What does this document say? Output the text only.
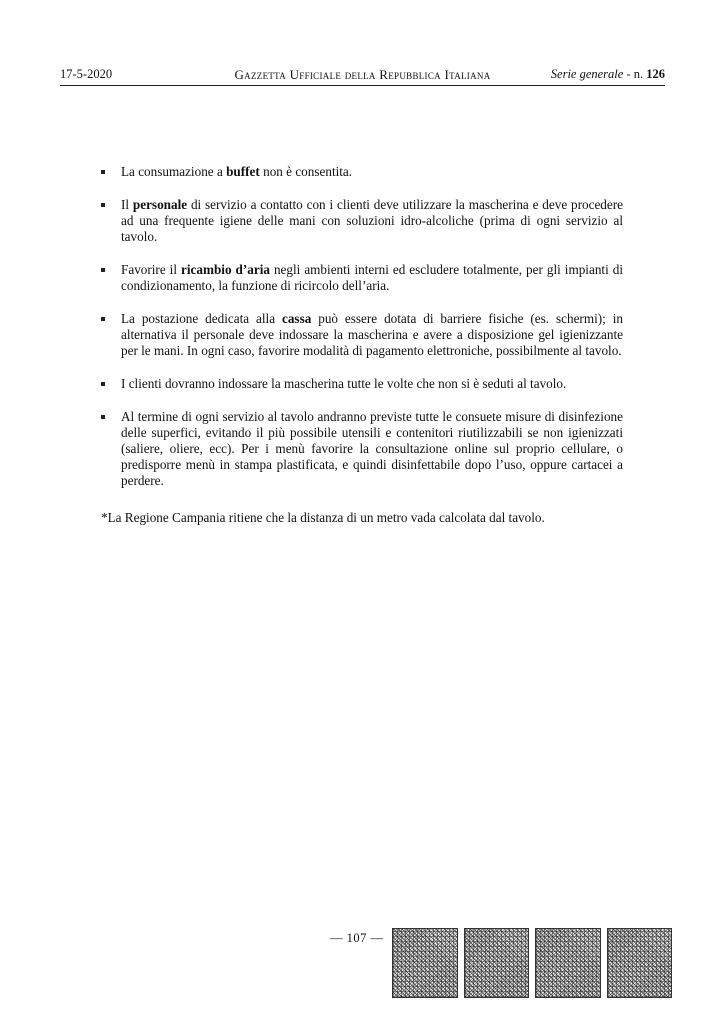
17-5-2020	Gazzetta Ufficiale della Repubblica Italiana	Serie generale - n. 126
La consumazione a buffet non è consentita.
Il personale di servizio a contatto con i clienti deve utilizzare la mascherina e deve procedere ad una frequente igiene delle mani con soluzioni idro-alcoliche (prima di ogni servizio al tavolo.
Favorire il ricambio d’aria negli ambienti interni ed escludere totalmente, per gli impianti di condizionamento, la funzione di ricircolo dell’aria.
La postazione dedicata alla cassa può essere dotata di barriere fisiche (es. schermi); in alternativa il personale deve indossare la mascherina e avere a disposizione gel igienizzante per le mani. In ogni caso, favorire modalità di pagamento elettroniche, possibilmente al tavolo.
I clienti dovranno indossare la mascherina tutte le volte che non si è seduti al tavolo.
Al termine di ogni servizio al tavolo andranno previste tutte le consuete misure di disinfezione delle superfici, evitando il più possibile utensili e contenitori riutilizzabili se non igienizzati (saliere, oliere, ecc). Per i menù favorire la consultazione online sul proprio cellulare, o predisporre menù in stampa plastificata, e quindi disinfettabile dopo l’uso, oppure cartacei a perdere.
*La Regione Campania ritiene che la distanza di un metro vada calcolata dal tavolo.
— 107 —
